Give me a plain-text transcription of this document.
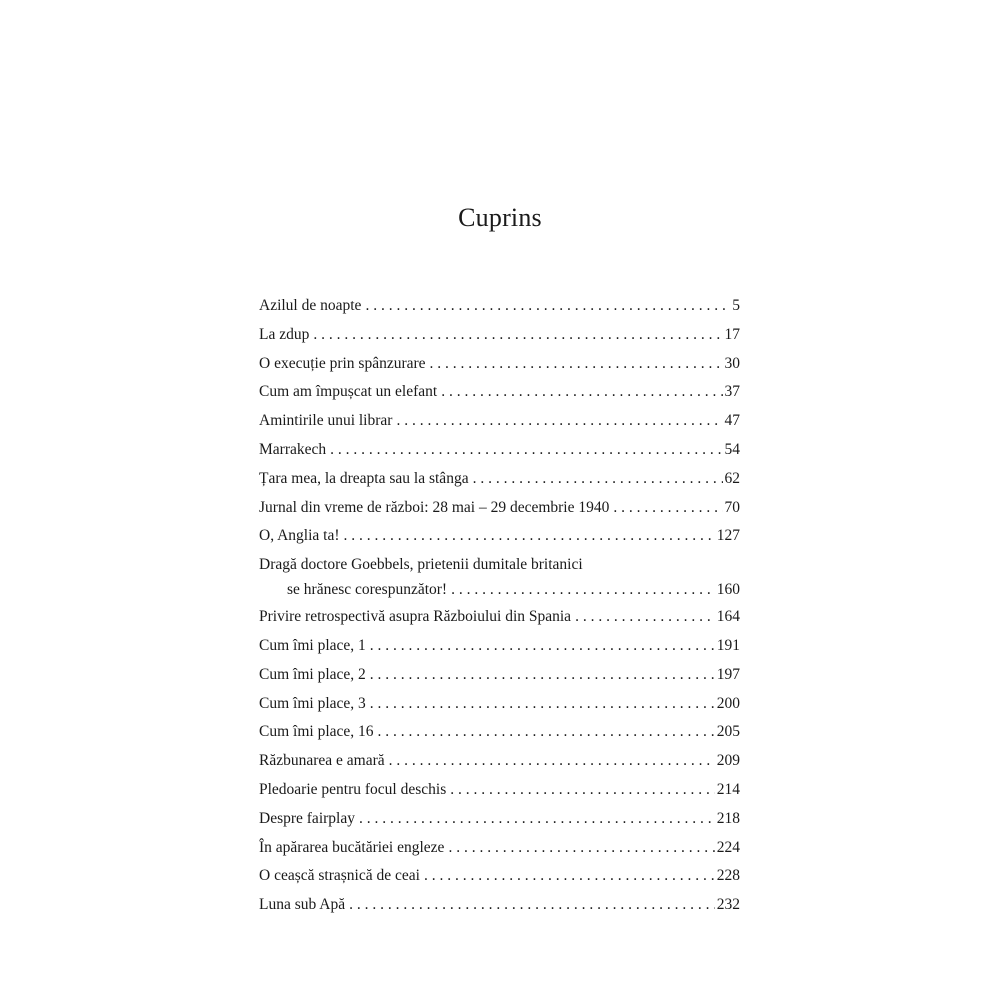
Cuprins
Azilul de noapte . . .	5
La zdup . . .	17
O execuție prin spânzurare . . .	30
Cum am împușcat un elefant . . .	37
Amintirile unui librar . . .	47
Marrakech . . .	54
Țara mea, la dreapta sau la stânga . . .	62
Jurnal din vreme de război: 28 mai – 29 decembrie 1940 . . .	70
O, Anglia ta! . . .	127
Dragă doctore Goebbels, prietenii dumitale britanici
se hrănesc corespunzător! . . .	160
Privire retrospectivă asupra Războiului din Spania . . .	164
Cum îmi place, 1 . . .	191
Cum îmi place, 2 . . .	197
Cum îmi place, 3 . . .	200
Cum îmi place, 16 . . .	205
Răzbunarea e amară . . .	209
Pledoarie pentru focul deschis . . .	214
Despre fairplay . . .	218
În apărarea bucătăriei engleze . . .	224
O ceașcă strașnică de ceai . . .	228
Luna sub Apă . . .	232
